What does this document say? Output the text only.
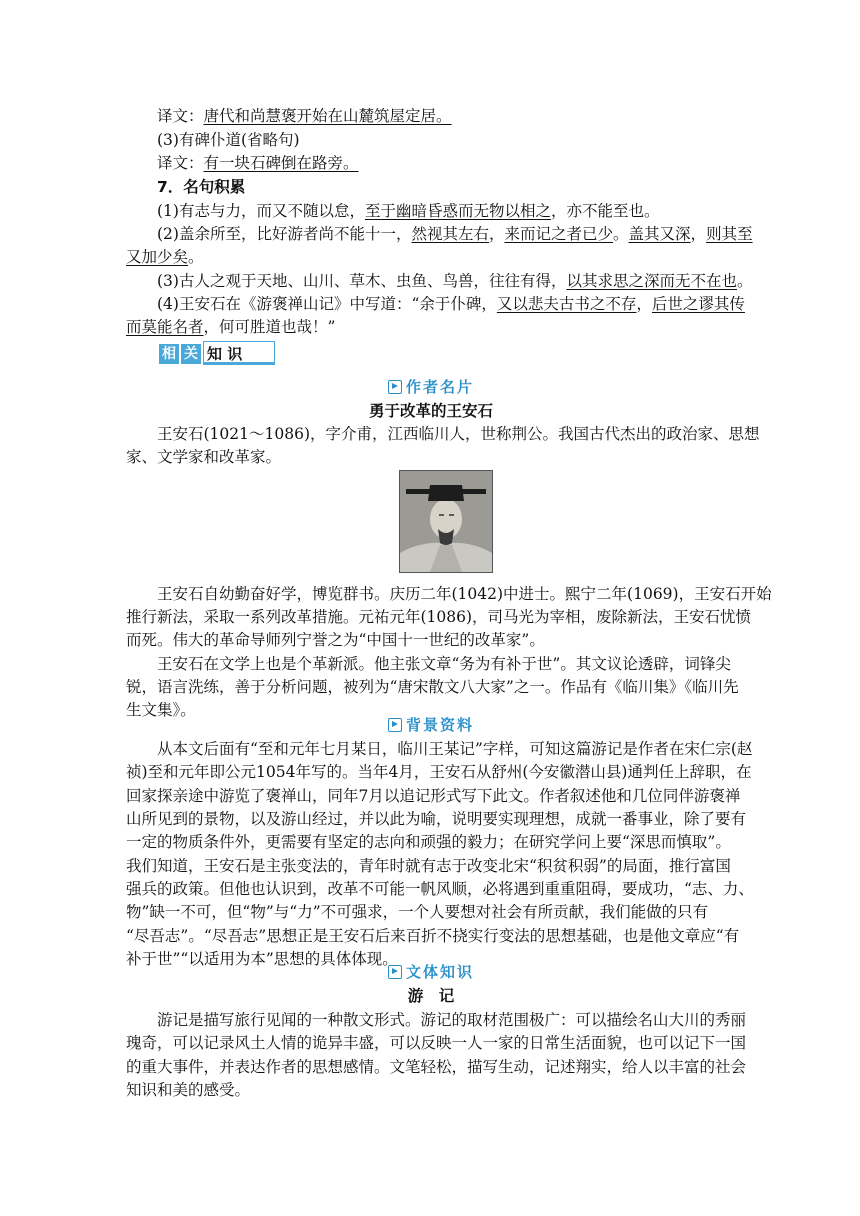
译文：唐代和尚慧褒开始在山麓筑屋定居。
(3)有碑仆道(省略句)
译文：有一块石碑倒在路旁。
7．名句积累
(1)有志与力，而又不随以怠，至于幽暗昏惑而无物以相之，亦不能至也。
(2)盖余所至，比好游者尚不能十一，然视其左右，来而记之者已少。盖其又深，则其至
又加少矣。
(3)古人之观于天地、山川、草木、虫鱼、鸟兽，往往有得，以其求思之深而无不在也。
(4)王安石在《游褒禅山记》中写道：“余于仆碑，又以悲夫古书之不存，后世之谬其传
而莫能名者，何可胜道也哉！”
相 关 知 识
作者名片
勇于改革的王安石
王安石(1021～1086)，字介甫，江西临川人，世称荆公。我国古代杰出的政治家、思想
家、文学家和改革家。
王安石自幼勤奋好学，博览群书。庆历二年(1042)中进士。熙宁二年(1069)，王安石开始
推行新法，采取一系列改革措施。元祐元年(1086)，司马光为宰相，废除新法，王安石忧愤
而死。伟大的革命导师列宁誉之为“中国十一世纪的改革家”。
王安石在文学上也是个革新派。他主张文章“务为有补于世”。其文议论透辟，词锋尖
锐，语言洗练，善于分析问题，被列为“唐宋散文八大家”之一。作品有《临川集》《临川先
生文集》。
背景资料
从本文后面有“至和元年七月某日，临川王某记”字样，可知这篇游记是作者在宋仁宗(赵
祯)至和元年即公元1054年写的。当年4月，王安石从舒州(今安徽潜山县)通判任上辞职，在
回家探亲途中游览了褒禅山，同年7月以追记形式写下此文。作者叙述他和几位同伴游褒禅
山所见到的景物，以及游山经过，并以此为喻，说明要实现理想，成就一番事业，除了要有
一定的物质条件外，更需要有坚定的志向和顽强的毅力；在研究学问上要“深思而慎取”。
我们知道，王安石是主张变法的，青年时就有志于改变北宋“积贫积弱”的局面，推行富国
强兵的政策。但他也认识到，改革不可能一帆风顺，必将遇到重重阻碍，要成功，“志、力、
物”缺一不可，但“物”与“力”不可强求，一个人要想对社会有所贡献，我们能做的只有
“尽吾志”。“尽吾志”思想正是王安石后来百折不挠实行变法的思想基础，也是他文章应“有
补于世”“以适用为本”思想的具体体现。
文体知识
游　记
游记是描写旅行见闻的一种散文形式。游记的取材范围极广：可以描绘名山大川的秀丽
瑰奇，可以记录风土人情的诡异丰盛，可以反映一人一家的日常生活面貌，也可以记下一国
的重大事件，并表达作者的思想感情。文笔轻松，描写生动，记述翔实，给人以丰富的社会
知识和美的感受。
